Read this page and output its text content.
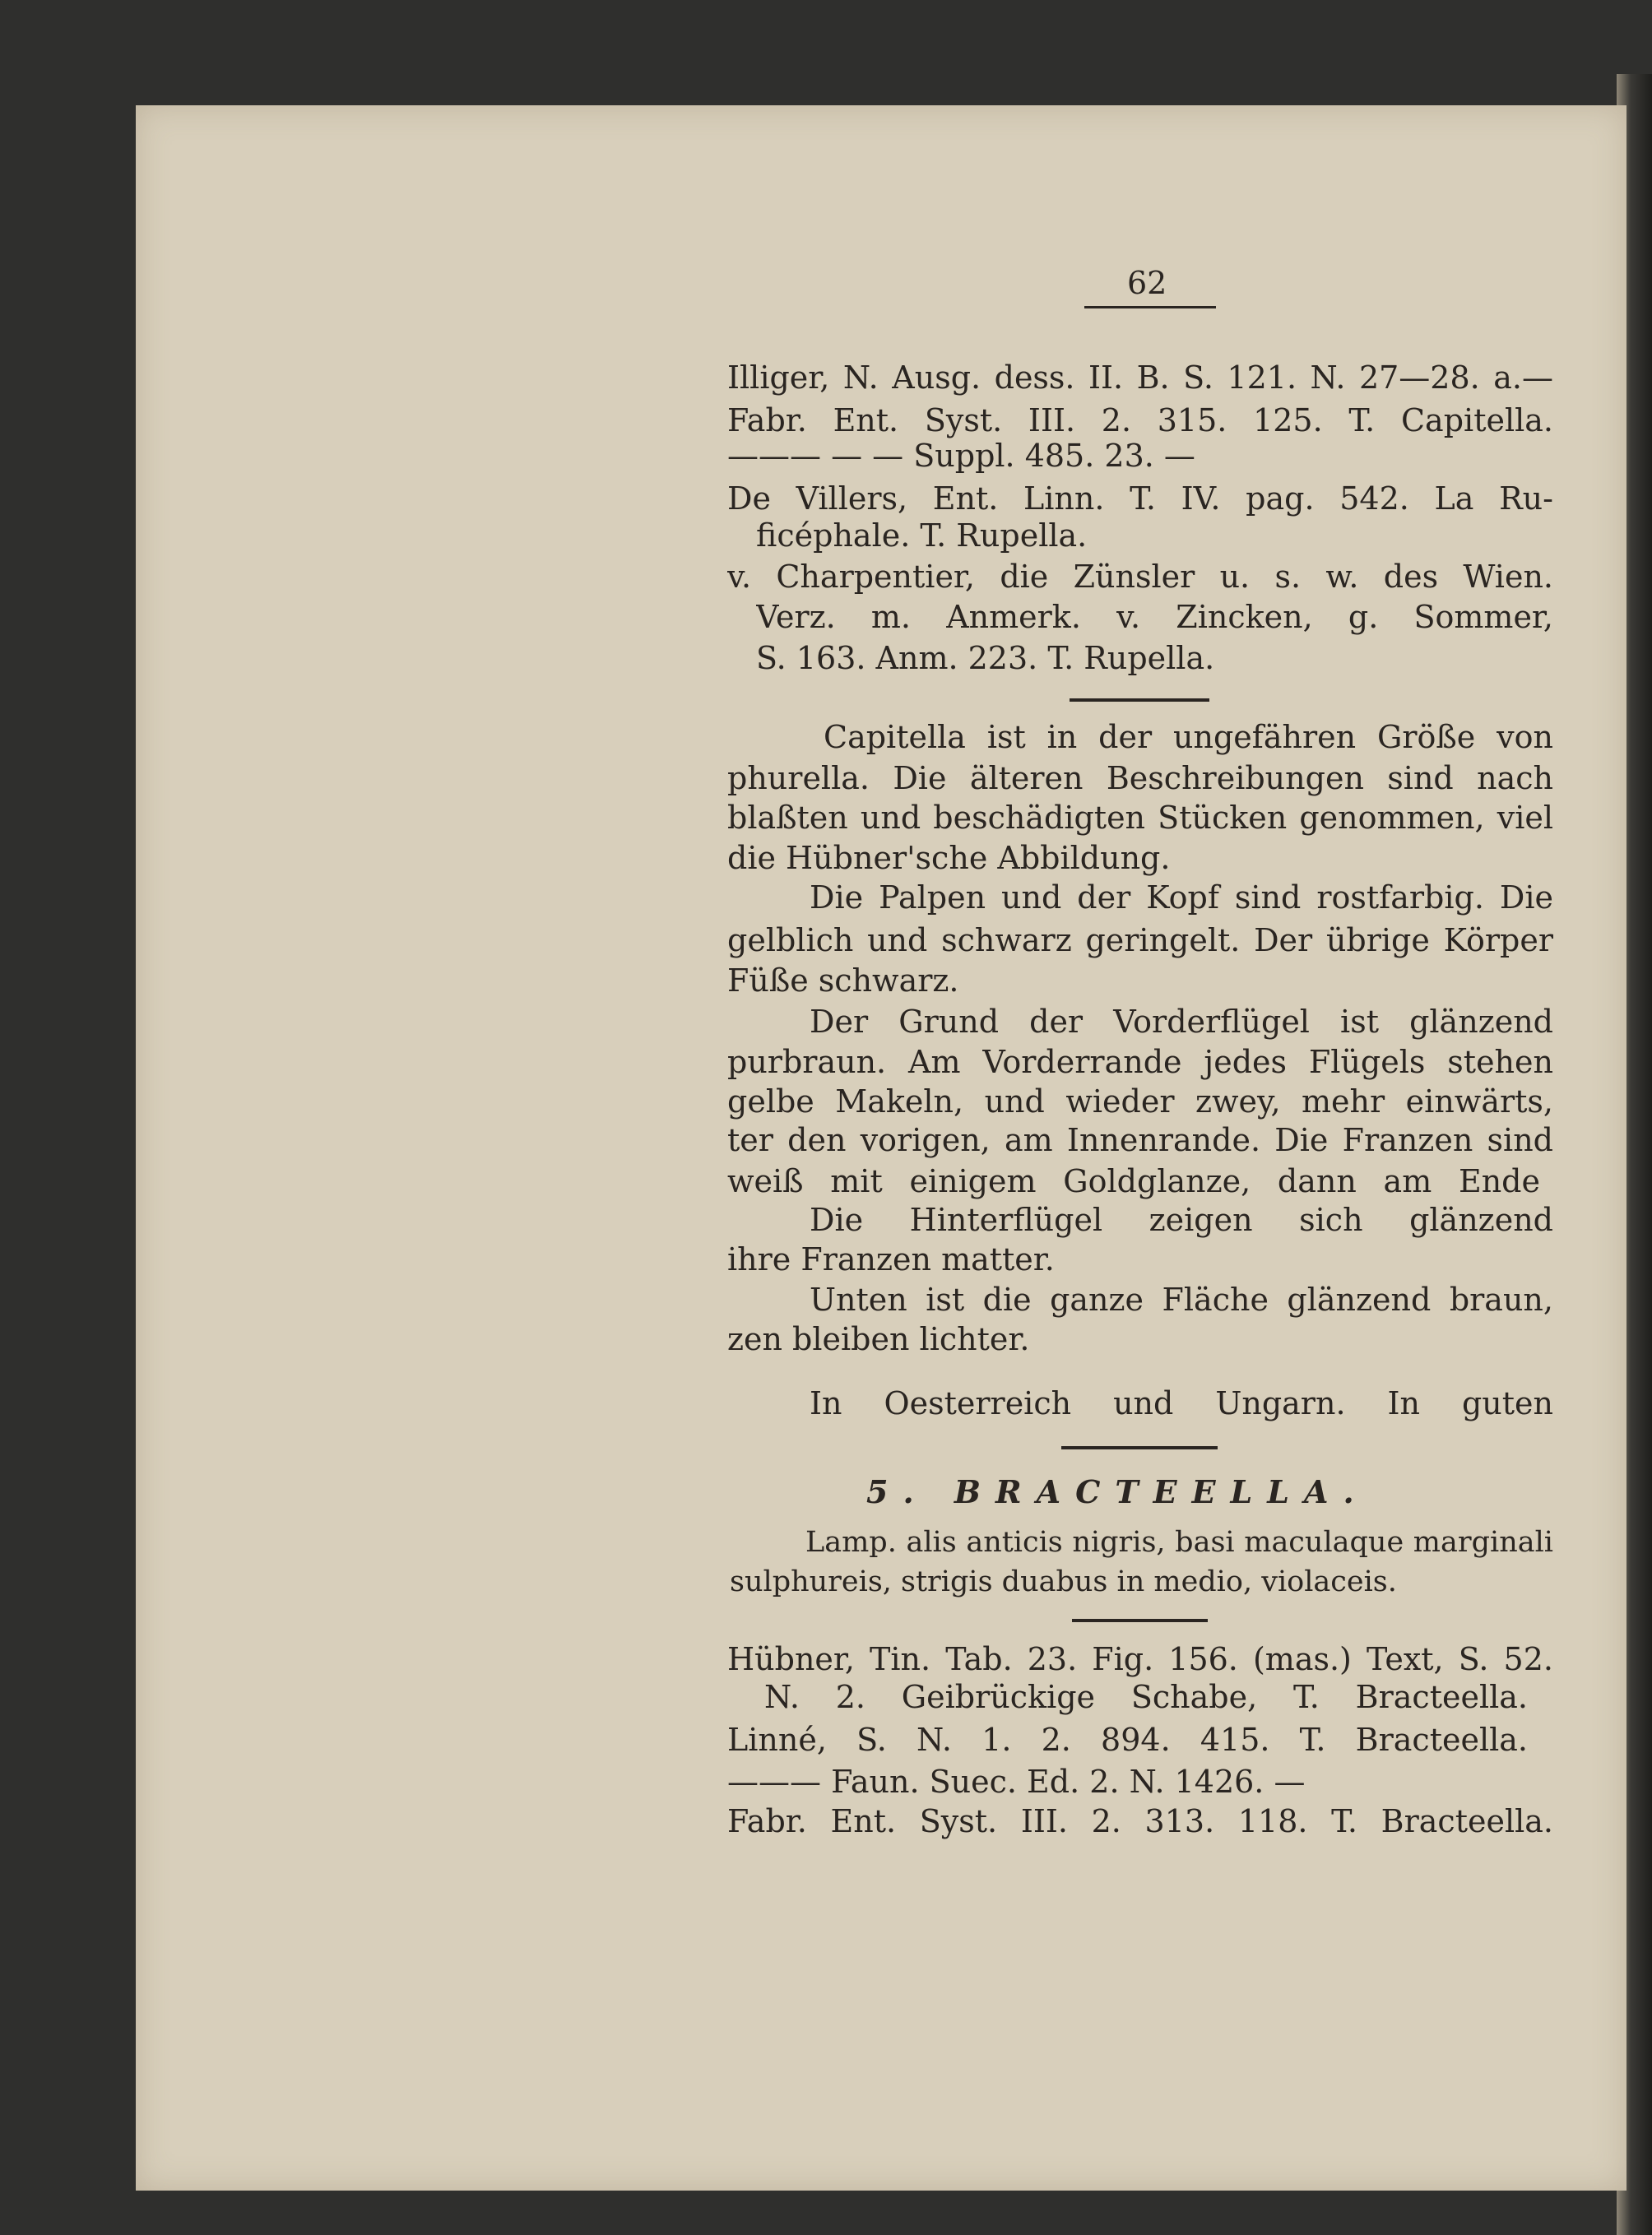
62
Illiger, N. Ausg. dess. II. B. S. 121. N. 27—28. a.—
Fabr. Ent. Syst. III. 2. 315. 125. T. Capitella.
——— — — Suppl. 485. 23. —
De Villers, Ent. Linn. T. IV. pag. 542. La Ru-
ficéphale. T. Rupella.
v. Charpentier, die Zünsler u. s. w. des Wien.
Verz. m. Anmerk. v. Zincken, g. Sommer,
S. 163. Anm. 223. T. Rupella.
Capitella ist in der ungefähren Größe von
phurella. Die älteren Beschreibungen sind nach
blaßten und beschädigten Stücken genommen, viel
die Hübner'sche Abbildung.
Die Palpen und der Kopf sind rostfarbig. Die
gelblich und schwarz geringelt. Der übrige Körper
Füße schwarz.
Der Grund der Vorderflügel ist glänzend
purbraun. Am Vorderrande jedes Flügels stehen
gelbe Makeln, und wieder zwey, mehr einwärts,
ter den vorigen, am Innenrande. Die Franzen sind
weiß mit einigem Goldglanze, dann am Ende
Die Hinterflügel zeigen sich glänzend
ihre Franzen matter.
Unten ist die ganze Fläche glänzend braun,
zen bleiben lichter.
In Oesterreich und Ungarn. In guten
5. BRACTEELLA.
Lamp. alis anticis nigris, basi maculaque marginali
sulphureis, strigis duabus in medio, violaceis.
Hübner, Tin. Tab. 23. Fig. 156. (mas.) Text, S. 52.
N. 2. Geibrückige Schabe, T. Bracteella.
Linné, S. N. 1. 2. 894. 415. T. Bracteella.
——— Faun. Suec. Ed. 2. N. 1426. —
Fabr. Ent. Syst. III. 2. 313. 118. T. Bracteella.
